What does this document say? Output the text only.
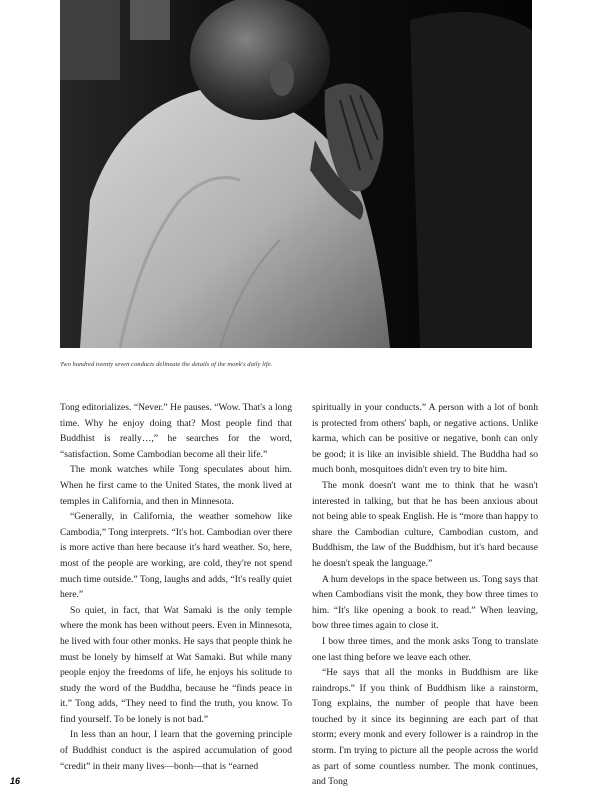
Two hundred twenty seven conducts delineate the details of the monk's daily life.

Tong editorializes. “Never.” He pauses. “Wow. That's a long time. Why he enjoy doing that? Most people find that Buddhist is really…,” he searches for the word, “satisfaction. Some Cambodian become all their life.”

The monk watches while Tong speculates about him. When he first came to the United States, the monk lived at temples in California, and then in Minnesota.

“Generally, in California, the weather somehow like Cambodia,” Tong interprets. “It's hot. Cambodian over there is more active than here because it's hard weather. So, here, most of the people are working, are cold, they're not spend much time outside.” Tong, laughs and adds, “It's really quiet here.”

So quiet, in fact, that Wat Samaki is the only temple where the monk has been without peers. Even in Minnesota, he lived with four other monks. He says that people think he must be lonely by himself at Wat Samaki. But while many people enjoy the freedoms of life, he enjoys his solitude to study the word of the Buddha, because he “finds peace in it.” Tong adds, “They need to find the truth, you know. To find yourself. To be lonely is not bad.”

In less than an hour, I learn that the governing principle of Buddhist conduct is the aspired accumulation of good “credit” in their many lives—bonh—that is “earned

spiritually in your conducts.” A person with a lot of bonh is protected from others' baph, or negative actions. Unlike karma, which can be positive or negative, bonh can only be good; it is like an invisible shield. The Buddha had so much bonh, mosquitoes didn't even try to bite him.

The monk doesn't want me to think that he wasn't interested in talking, but that he has been anxious about not being able to speak English. He is “more than happy to share the Cambodian culture, Cambodian custom, and Buddhism, the law of the Buddhism, but it's hard because he doesn't speak the language.”

A hum develops in the space between us. Tong says that when Cambodians visit the monk, they bow three times to him. “It's like opening a book to read.” When leaving, bow three times again to close it.

I bow three times, and the monk asks Tong to translate one last thing before we leave each other.

“He says that all the monks in Buddhism are like raindrops.” If you think of Buddhism like a rainstorm, Tong explains, the number of people that have been touched by it since its beginning are each part of that storm; every monk and every follower is a raindrop in the storm. I'm trying to picture all the people across the world as part of some countless number. The monk continues, and Tong

16
